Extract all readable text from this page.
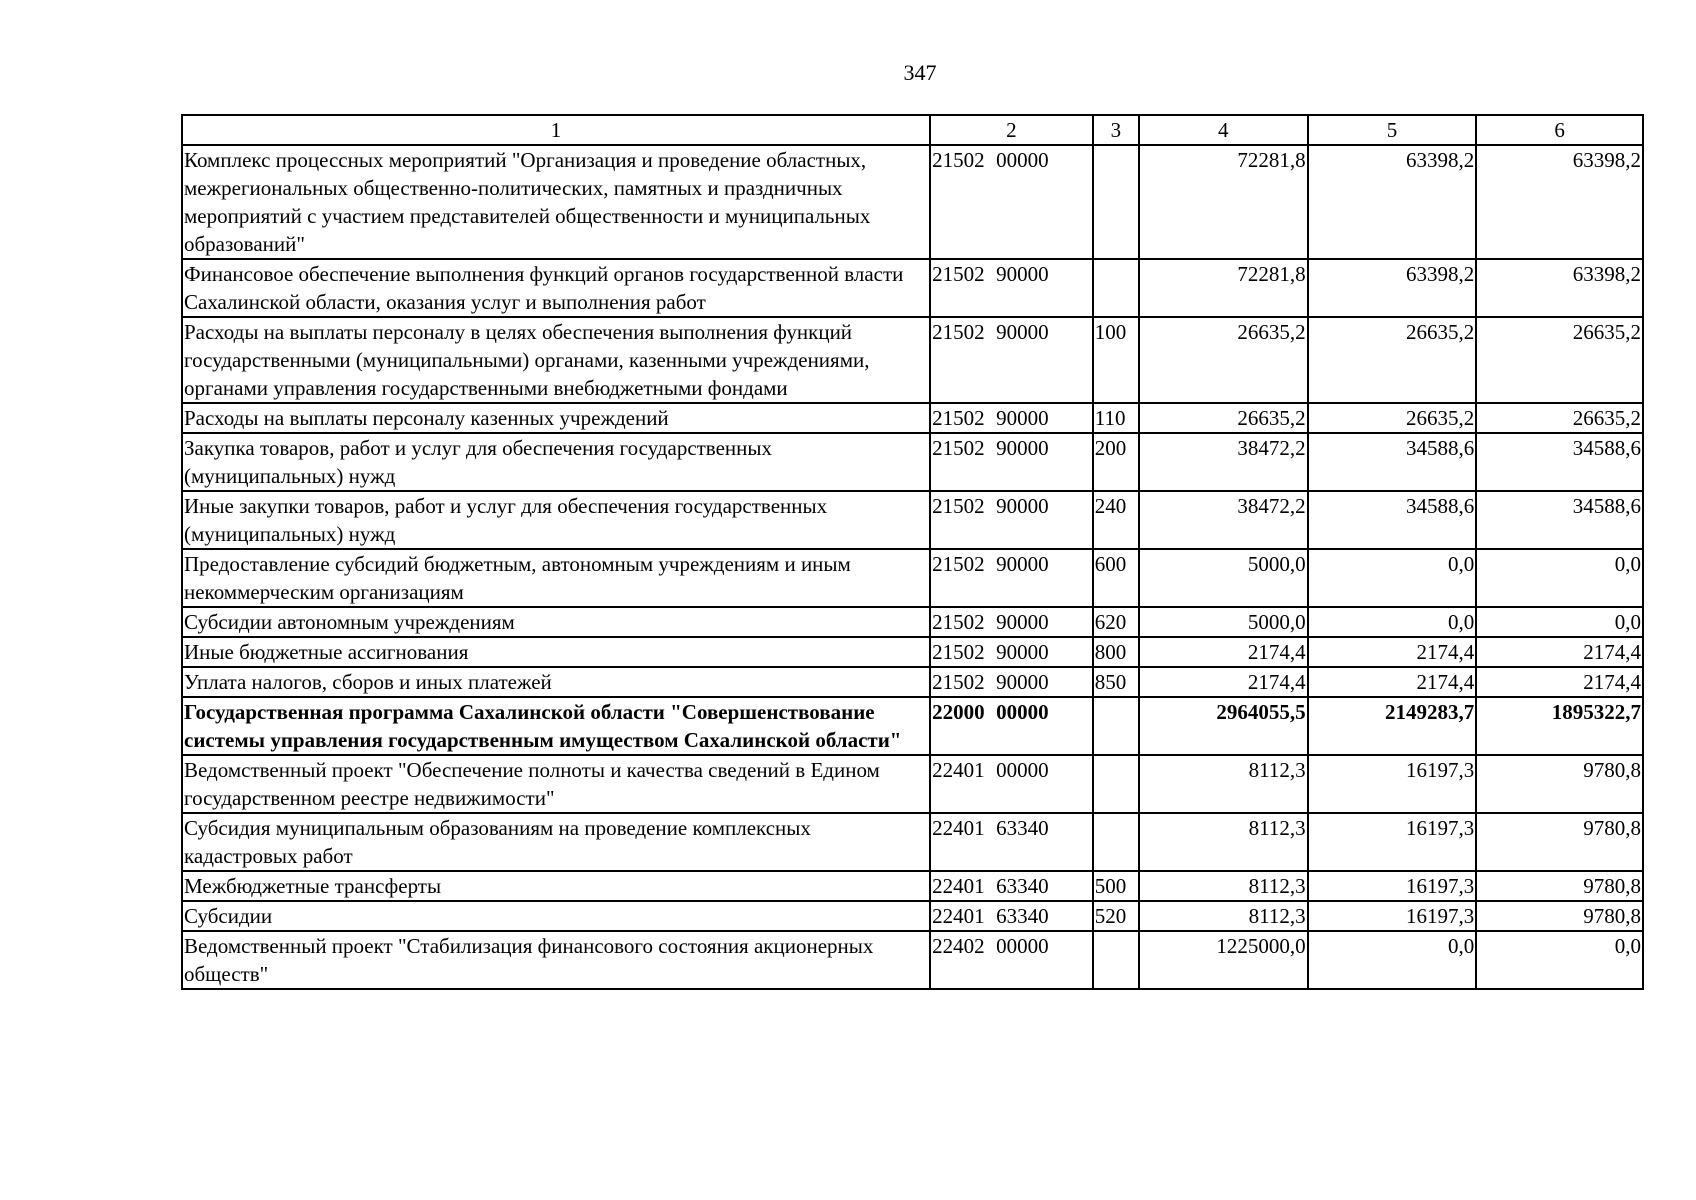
347
1	2	3	4	5	6
Комплекс процессных мероприятий "Организация и проведение областных, межрегиональных общественно-политических, памятных и праздничных мероприятий с участием представителей общественности и муниципальных образований"	21502 00000		72281,8	63398,2	63398,2
Финансовое обеспечение выполнения функций органов государственной власти Сахалинской области, оказания услуг и выполнения работ	21502 90000		72281,8	63398,2	63398,2
Расходы на выплаты персоналу в целях обеспечения выполнения функций государственными (муниципальными) органами, казенными учреждениями, органами управления государственными внебюджетными фондами	21502 90000	100	26635,2	26635,2	26635,2
Расходы на выплаты персоналу казенных учреждений	21502 90000	110	26635,2	26635,2	26635,2
Закупка товаров, работ и услуг для обеспечения государственных (муниципальных) нужд	21502 90000	200	38472,2	34588,6	34588,6
Иные закупки товаров, работ и услуг для обеспечения государственных (муниципальных) нужд	21502 90000	240	38472,2	34588,6	34588,6
Предоставление субсидий бюджетным, автономным учреждениям и иным некоммерческим организациям	21502 90000	600	5000,0	0,0	0,0
Субсидии автономным учреждениям	21502 90000	620	5000,0	0,0	0,0
Иные бюджетные ассигнования	21502 90000	800	2174,4	2174,4	2174,4
Уплата налогов, сборов и иных платежей	21502 90000	850	2174,4	2174,4	2174,4
Государственная программа Сахалинской области "Совершенствование системы управления государственным имуществом Сахалинской области"	22000 00000		2964055,5	2149283,7	1895322,7
Ведомственный проект "Обеспечение полноты и качества сведений в Едином государственном реестре недвижимости"	22401 00000		8112,3	16197,3	9780,8
Субсидия муниципальным образованиям на проведение комплексных кадастровых работ	22401 63340		8112,3	16197,3	9780,8
Межбюджетные трансферты	22401 63340	500	8112,3	16197,3	9780,8
Субсидии	22401 63340	520	8112,3	16197,3	9780,8
Ведомственный проект "Стабилизация финансового состояния акционерных обществ"	22402 00000		1225000,0	0,0	0,0
